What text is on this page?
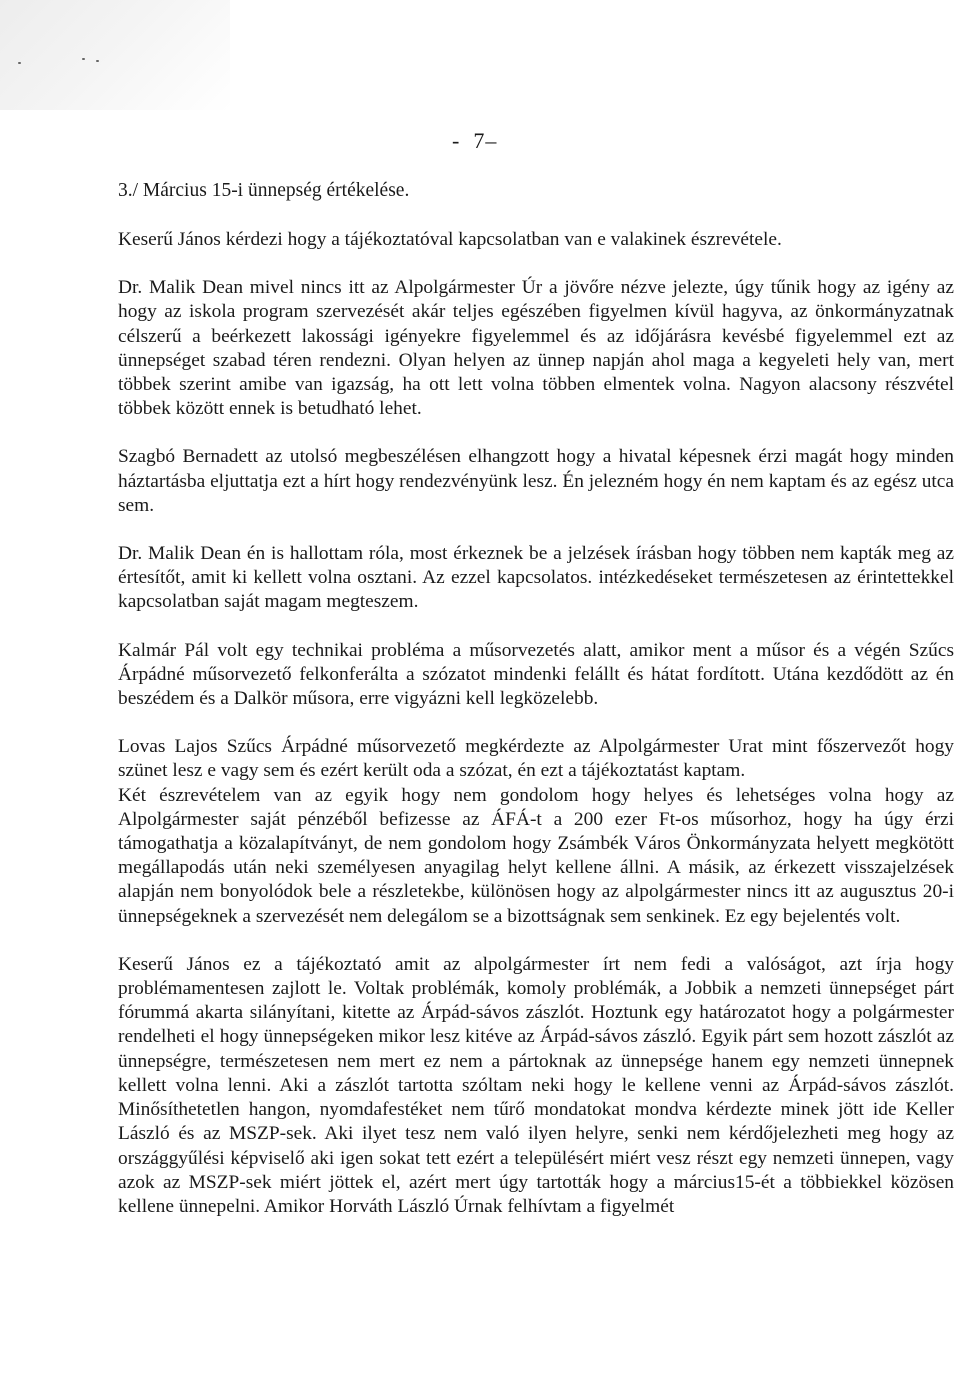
-  7–
3./ Március 15-i ünnepség értékelése.

Keserű János kérdezi hogy a tájékoztatóval kapcsolatban van e valakinek észrevétele.

Dr. Malik Dean mivel nincs itt az Alpolgármester Úr a jövőre nézve jelezte, úgy tűnik hogy az igény az hogy az iskola program szervezését akár teljes egészében figyelmen kívül hagyva, az önkormányzatnak célszerű a beérkezett lakossági igényekre figyelemmel és az időjárásra kevésbé figyelemmel ezt az ünnepséget szabad téren rendezni. Olyan helyen az ünnep napján ahol maga a kegyeleti hely van, mert többek szerint amibe van igazság, ha ott lett volna többen elmentek volna. Nagyon alacsony részvétel többek között ennek is betudható lehet.

Szagbó Bernadett az utolsó megbeszélésen elhangzott hogy a hivatal képesnek érzi magát hogy minden háztartásba eljuttatja ezt a hírt hogy rendezvényünk lesz. Én jelezném hogy én nem kaptam és az egész utca sem.

Dr. Malik Dean én is hallottam róla, most érkeznek be a jelzések írásban hogy többen nem kapták meg az értesítőt, amit ki kellett volna osztani. Az ezzel kapcsolatos. intézkedéseket természetesen az érintettekkel kapcsolatban saját magam megteszem.

Kalmár Pál volt egy technikai probléma a műsorvezetés alatt, amikor ment a műsor és a végén Szűcs Árpádné műsorvezető felkonferálta a szózatot mindenki felállt és hátat fordított. Utána kezdődött az én beszédem és a Dalkör műsora, erre vigyázni kell legközelebb.

Lovas Lajos Szűcs Árpádné műsorvezető megkérdezte az Alpolgármester Urat mint főszervezőt hogy szünet lesz e vagy sem és ezért került oda a szózat, én ezt a tájékoztatást kaptam.

Két észrevételem van az egyik hogy nem gondolom hogy helyes és lehetséges volna hogy az Alpolgármester saját pénzéből befizesse az ÁFÁ-t a 200 ezer Ft-os műsorhoz, hogy ha úgy érzi támogathatja a közalapítványt, de nem gondolom hogy Zsámbék Város Önkormányzata helyett megkötött megállapodás után neki személyesen anyagilag helyt kellene állni. A másik, az érkezett visszajelzések alapján nem bonyolódok bele a részletekbe, különösen hogy az alpolgármester nincs itt az augusztus 20-i ünnepségeknek a szervezését nem delegálom se a bizottságnak sem senkinek. Ez egy bejelentés volt.

Keserű János ez a tájékoztató amit az alpolgármester írt nem fedi a valóságot, azt írja hogy problémamentesen zajlott le. Voltak problémák, komoly problémák, a Jobbik a nemzeti ünnepséget párt fórummá akarta silányítani, kitette az Árpád-sávos zászlót. Hoztunk egy határozatot hogy a polgármester rendelheti el hogy ünnepségeken mikor lesz kitéve az Árpád-sávos zászló. Egyik párt sem hozott zászlót az ünnepségre, természetesen nem mert ez nem a pártoknak az ünnepsége hanem egy nemzeti ünnepnek kellett volna lenni. Aki a zászlót tartotta szóltam neki hogy le kellene venni az Árpád-sávos zászlót. Minősíthetetlen hangon, nyomdafestéket nem tűrő mondatokat mondva kérdezte minek jött ide Keller László és az MSZP-sek. Aki ilyet tesz nem való ilyen helyre, senki nem kérdőjelezheti meg hogy az országgyűlési képviselő aki igen sokat tett ezért a településért miért vesz részt egy nemzeti ünnepen, vagy azok az MSZP-sek miért jöttek el, azért mert úgy tartották hogy a március15-ét a többiekkel közösen kellene ünnepelni. Amikor Horváth László Úrnak felhívtam a figyelmét
